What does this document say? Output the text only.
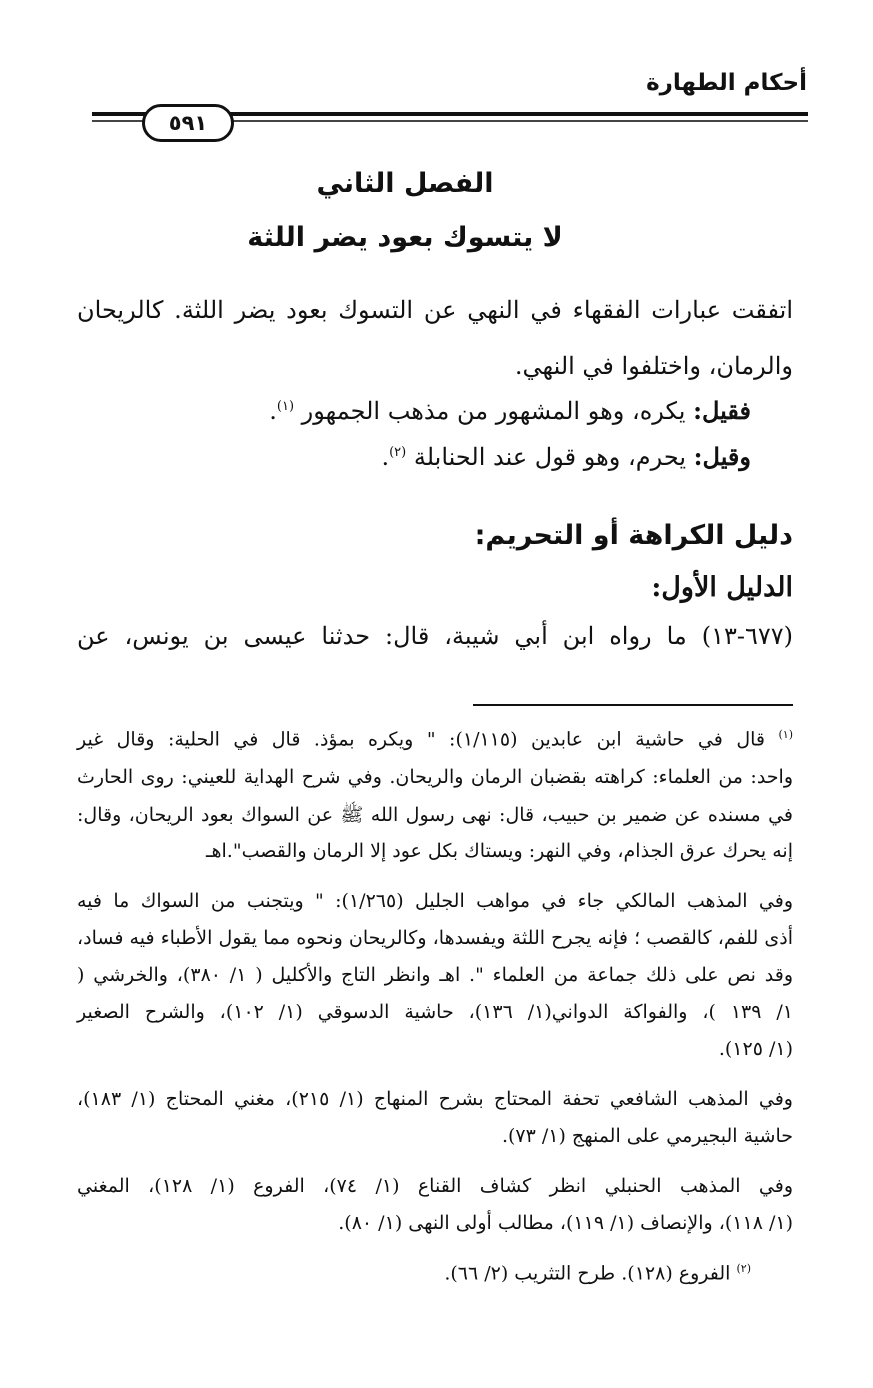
أحكام الطهارة
٥٩١
الفصل الثاني
لا يتسوك بعود يضر اللثة
اتفقت عبارات الفقهاء في النهي عن التسوك بعود يضر اللثة. كالريحان
والرمان، واختلفوا في النهي.
فقيل: يكره، وهو المشهور من مذهب الجمهور $^{(١)}$.
وقيل: يحرم، وهو قول عند الحنابلة $^{(٢)}$.
دليل الكراهة أو التحريم:
الدليل الأول:
(٦٧٧-١٣) ما رواه ابن أبي شيبة، قال: حدثنا عيسى بن يونس، عن
$^{(١)}$ قال في حاشية ابن عابدين (١/١١٥): " ويكره بمؤذ. قال في الحلية: وقال غير
واحد: من العلماء: كراهته بقضبان الرمان والريحان. وفي شرح الهداية للعيني: روى الحارث
في مسنده عن ضمير بن حبيب، قال: نهى رسول الله ﷺ عن السواك بعود الريحان، وقال:
إنه يحرك عرق الجذام، وفي النهر: ويستاك بكل عود إلا الرمان والقصب".اهـ
وفي المذهب المالكي جاء في مواهب الجليل (١/٢٦٥): " ويتجنب من السواك ما فيه
أذى للفم، كالقصب ؛ فإنه يجرح اللثة ويفسدها، وكالريحان ونحوه مما يقول الأطباء فيه فساد،
وقد نص على ذلك جماعة من العلماء ". اهـ وانظر التاج والأكليل ( ١/ ٣٨٠)، والخرشي (
١/ ١٣٩ )، والفواكة الدواني(١/ ١٣٦)، حاشية الدسوقي (١/ ١٠٢)، والشرح الصغير
(١/ ١٢٥).
وفي المذهب الشافعي تحفة المحتاج بشرح المنهاج (١/ ٢١٥)، مغني المحتاج (١/ ١٨٣)،
حاشية البجيرمي على المنهج (١/ ٧٣).
وفي المذهب الحنبلي انظر كشاف القناع (١/ ٧٤)، الفروع (١/ ١٢٨)، المغني
(١/ ١١٨)، والإنصاف (١/ ١١٩)، مطالب أولى النهى (١/ ٨٠).
$^{(٢)}$ الفروع (١٢٨). طرح التثريب (٢/ ٦٦).
